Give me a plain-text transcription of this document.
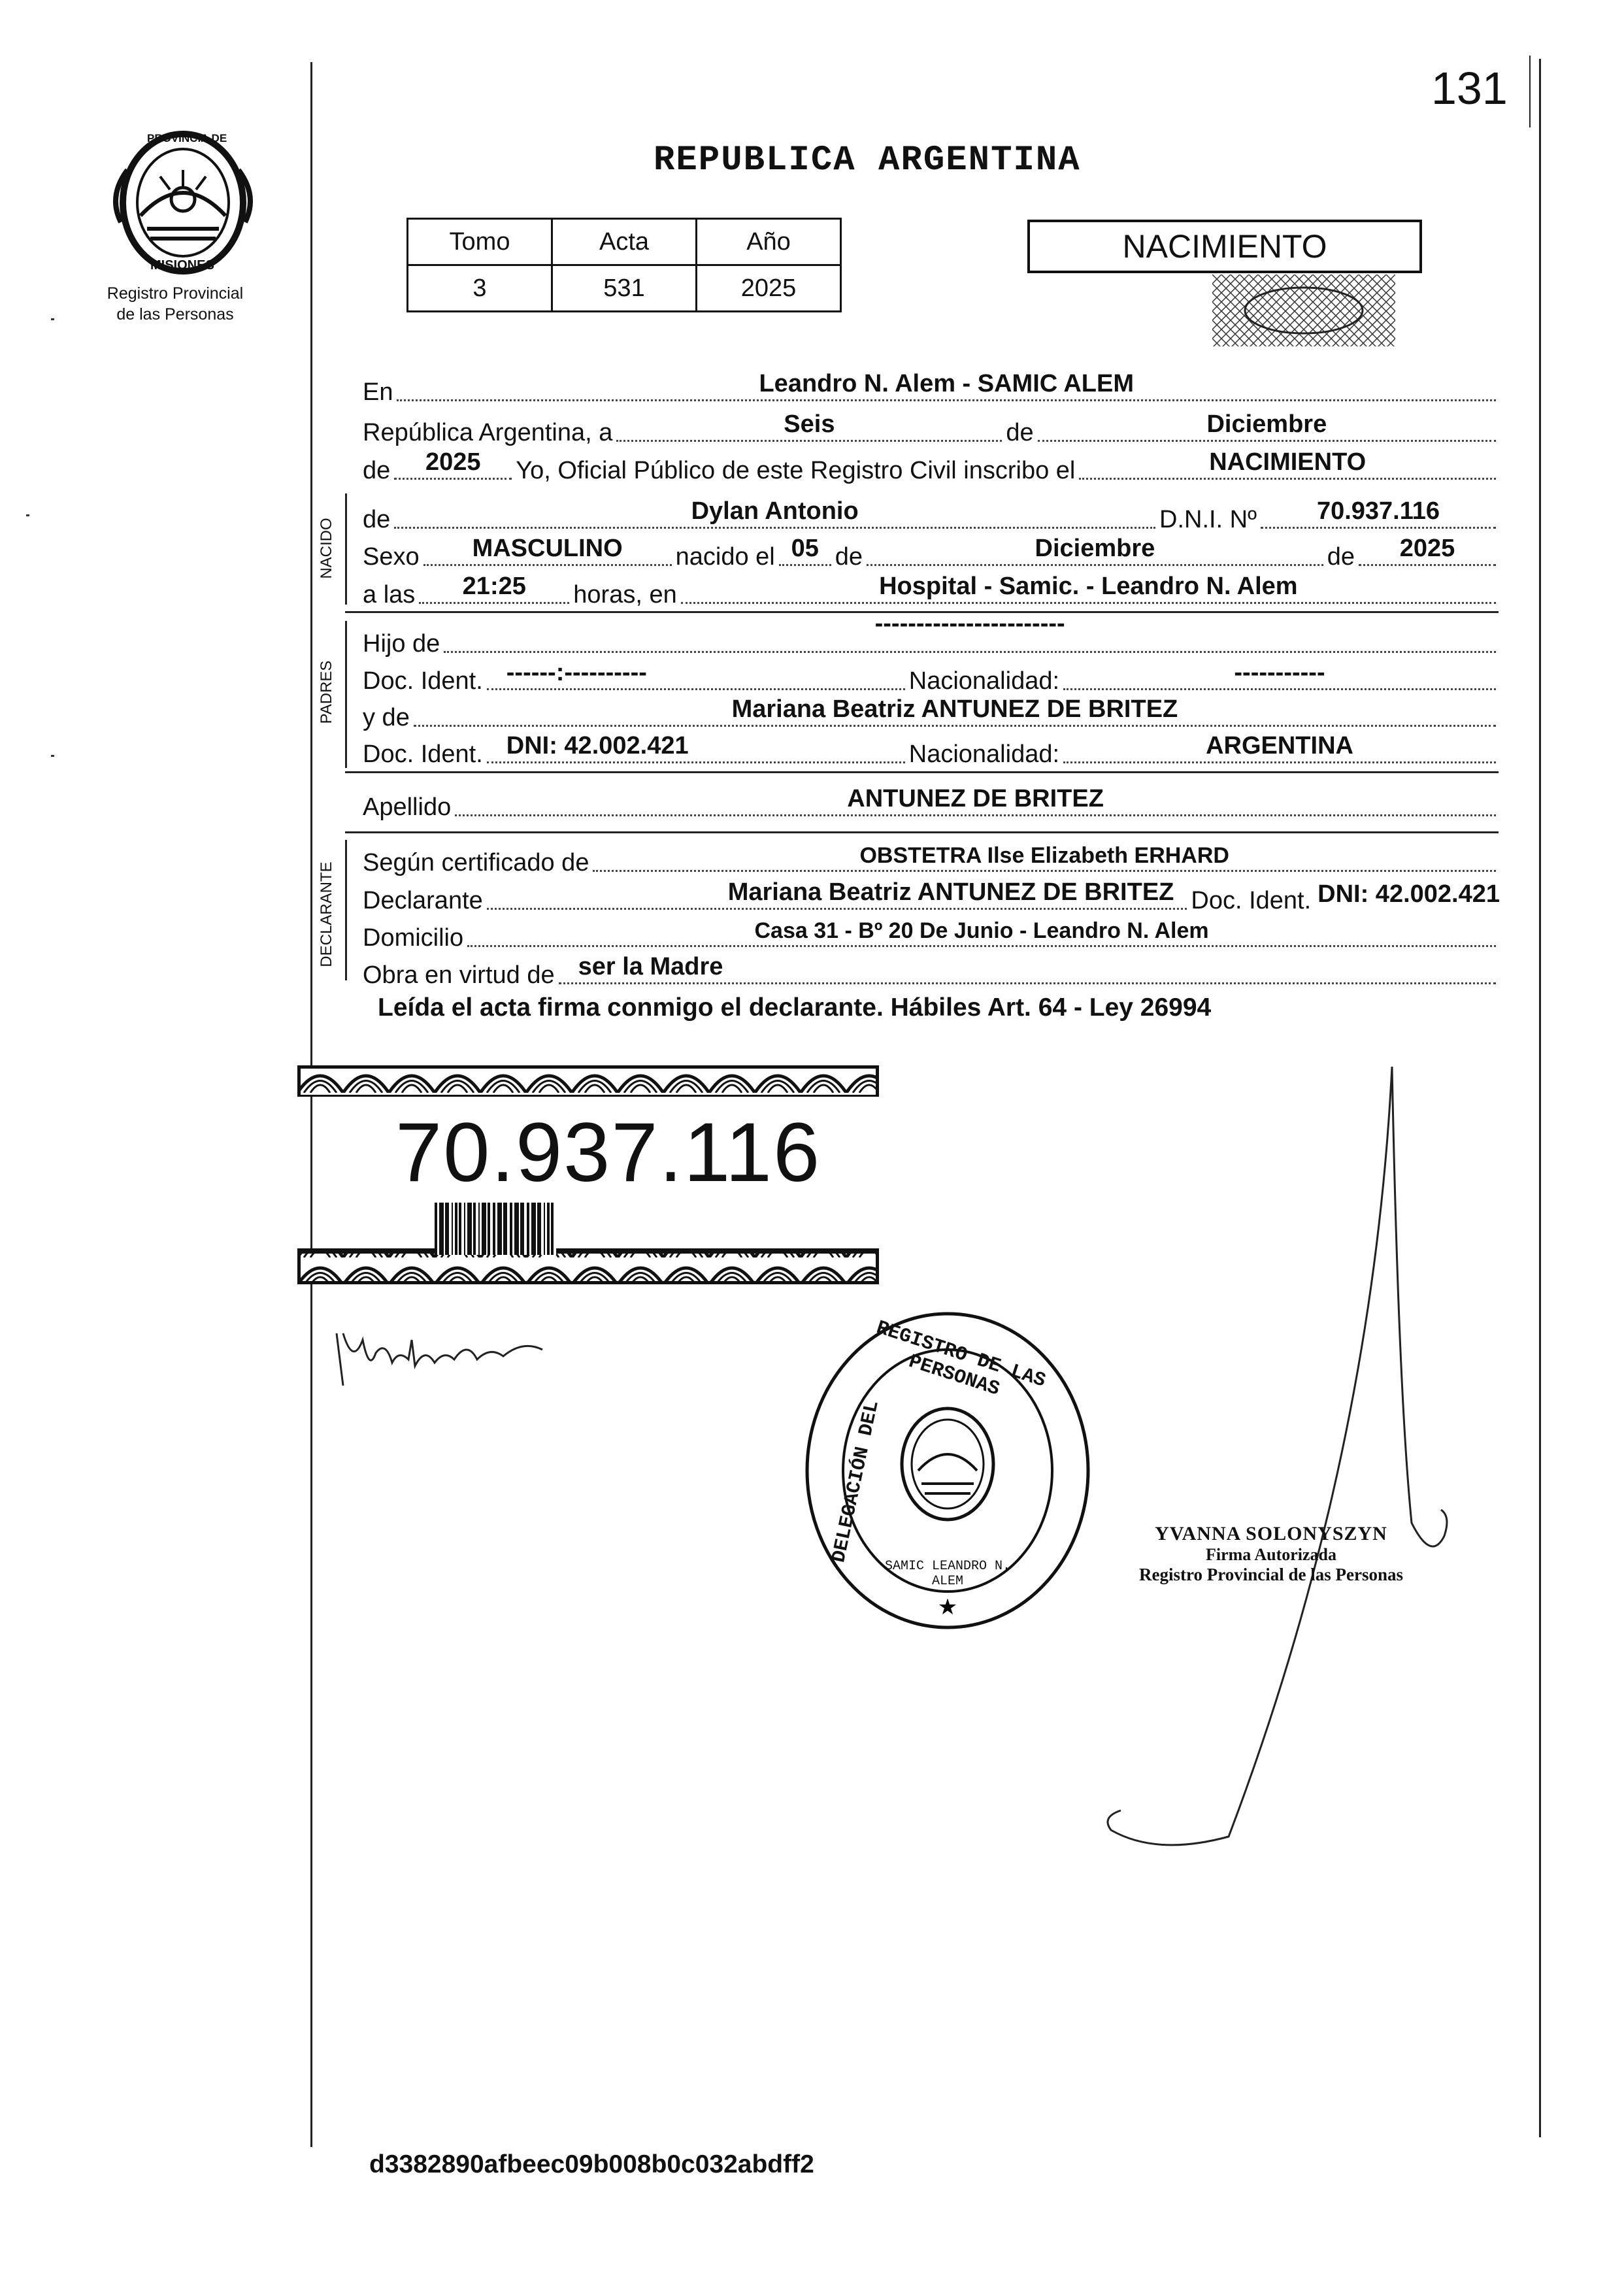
131
PROVINCIA DE
MISIONES
Registro Provincial
de las Personas
REPUBLICA ARGENTINA
Tomo	Acta	Año
3	531	2025
NACIMIENTO
En	Leandro N. Alem - SAMIC ALEM
República Argentina, a	Seis	de	Diciembre
de	2025	Yo, Oficial Público de este Registro Civil inscribo el	NACIMIENTO
NACIDO de	Dylan Antonio	D.N.I. Nº	70.937.116
Sexo	MASCULINO	nacido el 05 de	Diciembre	de	2025
a las	21:25	horas, en	Hospital - Samic. - Leandro N. Alem
PADRES
Hijo de
-----------------------
Doc. Ident. ------:----------	Nacionalidad:	-----------
y de	Mariana Beatriz ANTUNEZ DE BRITEZ
Doc. Ident. DNI: 42.002.421	Nacionalidad:	ARGENTINA
Apellido	ANTUNEZ DE BRITEZ
DECLARANTE Según certificado de	OBSTETRA Ilse Elizabeth ERHARD
Declarante	Mariana Beatriz ANTUNEZ DE BRITEZ Doc. Ident. DNI: 42.002.421
Domicilio	Casa 31 - Bº 20 De Junio - Leandro N. Alem
Obra en virtud de ser la Madre
Leída el acta firma conmigo el declarante. Hábiles Art. 64 - Ley 26994
70.937.116
★
REGISTRO DE LAS PERSONAS
DELEGACIÓN DEL
SAMIC LEANDRO N. ALEM
YVANNA SOLONYSZYN
Firma Autorizada
Registro Provincial de las Personas
d3382890afbeec09b008b0c032abdff2
